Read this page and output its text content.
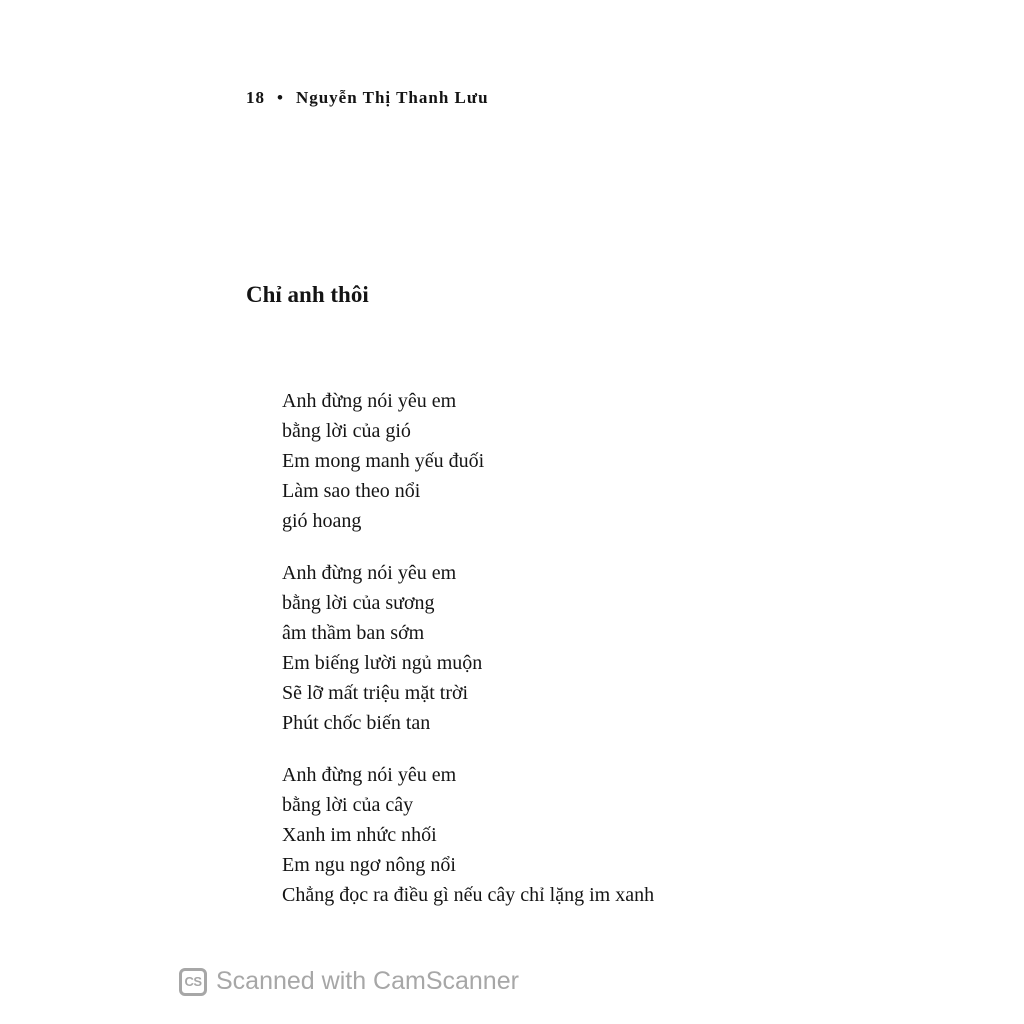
18 • Nguyễn Thị Thanh Lưu
Chỉ anh thôi
Anh đừng nói yêu em
bằng lời của gió
Em mong manh yếu đuối
Làm sao theo nổi
gió hoang
Anh đừng nói yêu em
bằng lời của sương
âm thầm ban sớm
Em biếng lười ngủ muộn
Sẽ lỡ mất triệu mặt trời
Phút chốc biến tan
Anh đừng nói yêu em
bằng lời của cây
Xanh im nhức nhối
Em ngu ngơ nông nổi
Chẳng đọc ra điều gì nếu cây chỉ lặng im xanh
CS Scanned with CamScanner
